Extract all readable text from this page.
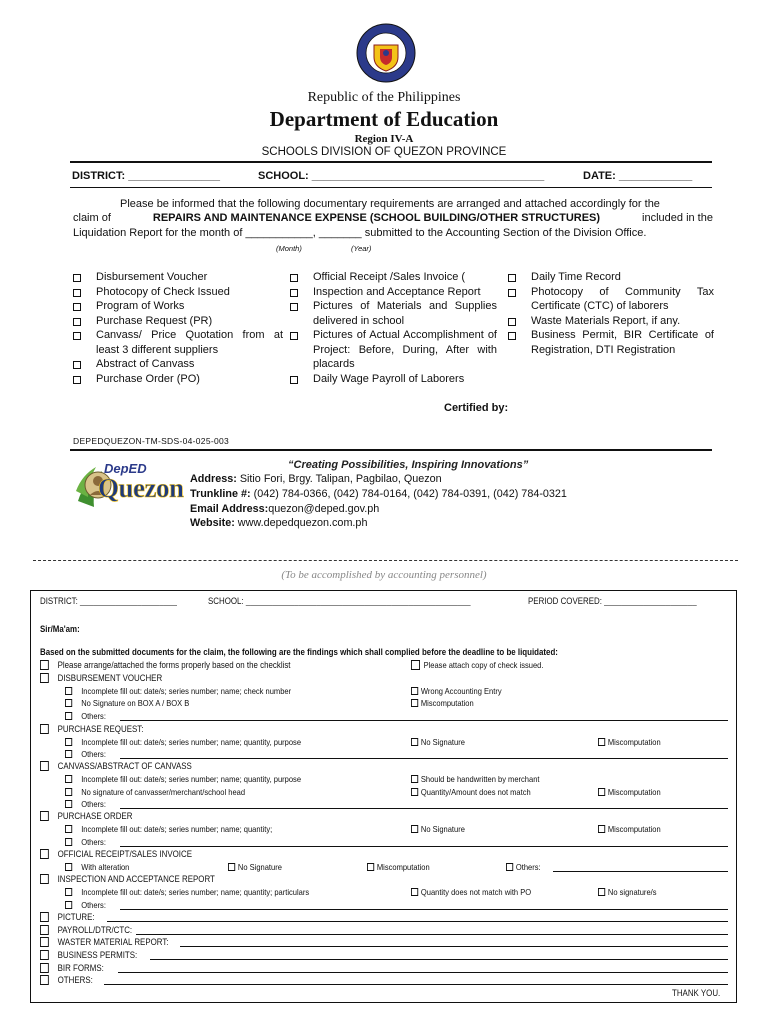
Republic of the Philippines
Department of Education
Region IV-A
SCHOOLS DIVISION OF QUEZON PROVINCE
DISTRICT: _______________	SCHOOL: ______________________________________	DATE: ____________
Please be informed that the following documentary requirements are arranged and attached accordingly for the
claim of	REPAIRS AND MAINTENANCE EXPENSE (SCHOOL BUILDING/OTHER STRUCTURES)	included in the
Liquidation Report for the month of ___________, _______ submitted to the Accounting Section of the Division Office.
(Month)	(Year)
Disbursement Voucher
Photocopy of Check Issued
Program of Works
Purchase Request (PR)
Canvass/ Price Quotation from at least 3 different suppliers
Abstract of Canvass
Purchase Order (PO)
Official Receipt /Sales Invoice (
Inspection and Acceptance Report
Pictures of Materials and Supplies delivered in school
Pictures of Actual Accomplishment of Project: Before, During, After with placards
Daily Wage Payroll of Laborers
Daily Time Record
Photocopy of Community Tax Certificate (CTC) of laborers
Waste Materials Report, if any.
Business Permit, BIR Certificate of Registration, DTI Registration
Certified by:
DEPEDQUEZON-TM-SDS-04-025-003
DepED
Quezon
“Creating Possibilities, Inspiring Innovations”
Address: Sitio Fori, Brgy. Talipan, Pagbilao, Quezon
Trunkline #: (042) 784-0366, (042) 784-0164, (042) 784-0391, (042) 784-0321
Email Address:quezon@deped.gov.ph
Website: www.depedquezon.com.ph
(To be accomplished by accounting personnel)
DISTRICT: ______________________	SCHOOL: ___________________________________________________	PERIOD COVERED: _____________________
Sir/Ma'am:
Based on the submitted documents for the claim, the following are the findings which shall complied before the deadline to be liquidated:
Please arrange/attached the forms properly based on the checklist	Please attach copy of check issued.
DISBURSEMENT VOUCHER
Incomplete fill out: date/s; series number; name; check number	Wrong Accounting Entry
No Signature on BOX A / BOX B	Miscomputation
Others:
PURCHASE REQUEST:
Incomplete fill out: date/s; series number; name; quantity, purpose	No Signature	Miscomputation
Others:
CANVASS/ABSTRACT OF CANVASS
Incomplete fill out: date/s; series number; name; quantity, purpose	Should be handwritten by merchant
No signature of canvasser/merchant/school head	Quantity/Amount does not match	Miscomputation
Others:
PURCHASE ORDER
Incomplete fill out: date/s; series number; name; quantity;	No Signature	Miscomputation
Others:
OFFICIAL RECEIPT/SALES INVOICE
With alteration	No Signature	Miscomputation	Others:
INSPECTION AND ACCEPTANCE REPORT
Incomplete fill out: date/s; series number; name; quantity; particulars	Quantity does not match with PO	No signature/s
Others:
PICTURE:
PAYROLL/DTR/CTC:
WASTER MATERIAL REPORT:
BUSINESS PERMITS:
BIR FORMS:
OTHERS:
THANK YOU.
